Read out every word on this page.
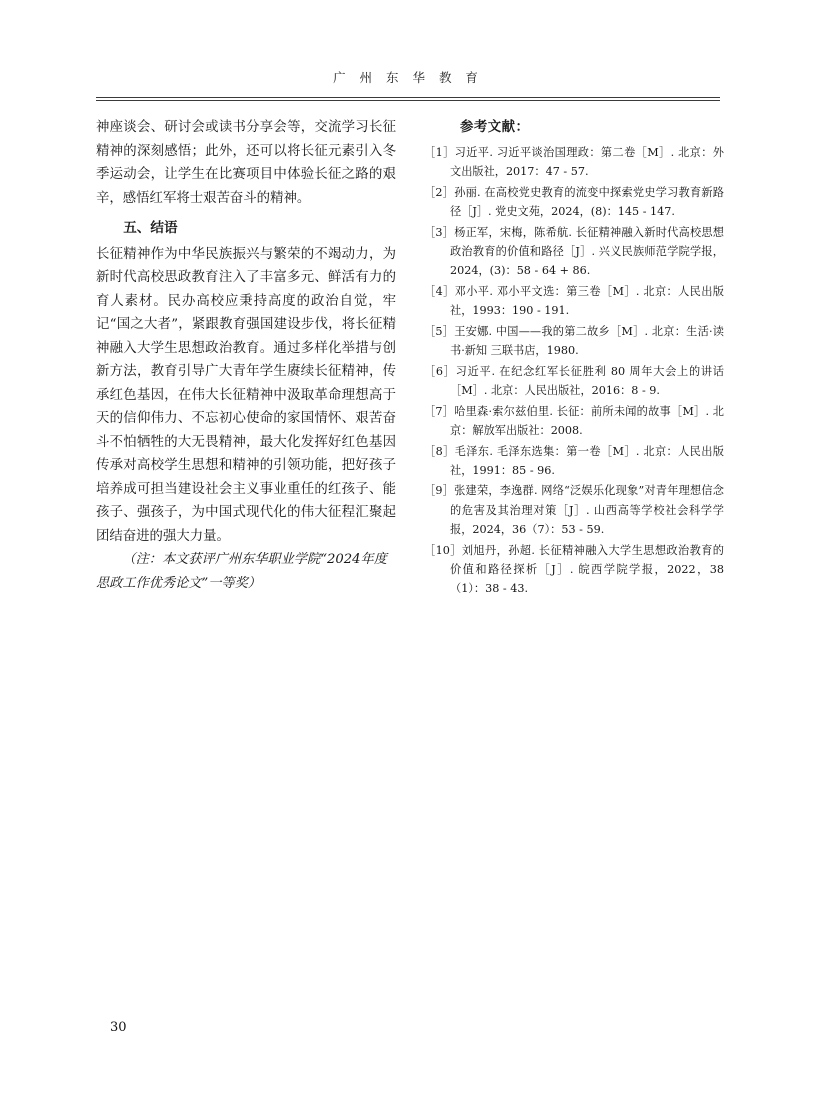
广 州 东 华 教 育

神座谈会、研讨会或读书分享会等，交流学习长征精神的深刻感悟；此外，还可以将长征元素引入冬季运动会，让学生在比赛项目中体验长征之路的艰辛，感悟红军将士艰苦奋斗的精神。

五、结语

长征精神作为中华民族振兴与繁荣的不竭动力，为新时代高校思政教育注入了丰富多元、鲜活有力的育人素材。民办高校应秉持高度的政治自觉，牢记“国之大者”，紧跟教育强国建设步伐，将长征精神融入大学生思想政治教育。通过多样化举措与创新方法，教育引导广大青年学生赓续长征精神，传承红色基因，在伟大长征精神中汲取革命理想高于天的信仰伟力、不忘初心使命的家国情怀、艰苦奋斗不怕牺牲的大无畏精神，最大化发挥好红色基因传承对高校学生思想和精神的引领功能，把好孩子培养成可担当建设社会主义事业重任的红孩子、能孩子、强孩子，为中国式现代化的伟大征程汇聚起团结奋进的强大力量。

（注：本文获评广州东华职业学院“2024年度思政工作优秀论文”一等奖）
参考文献：
［1］习近平. 习近平谈治国理政：第二卷［M］. 北京：外文出版社，2017：47 - 57.
［2］孙丽. 在高校党史教育的流变中探索党史学习教育新路径［J］. 党史文苑，2024，(8)：145 - 147.
［3］杨正军，宋梅，陈希航. 长征精神融入新时代高校思想政治教育的价值和路径［J］. 兴义民族师范学院学报，2024，(3)：58 - 64 + 86.
［4］邓小平. 邓小平文选：第三卷［M］. 北京：人民出版社，1993：190 - 191.
［5］王安娜. 中国——我的第二故乡［M］. 北京：生活·读书·新知 三联书店，1980.
［6］习近平. 在纪念红军长征胜利 80 周年大会上的讲话［M］. 北京：人民出版社，2016：8 - 9.
［7］哈里森·索尔兹伯里. 长征：前所未闻的故事［M］. 北京：解放军出版社：2008.
［8］毛泽东. 毛泽东选集：第一卷［M］. 北京：人民出版社，1991：85 - 96.
［9］张建荣，李逸群. 网络“泛娱乐化现象”对青年理想信念的危害及其治理对策［J］. 山西高等学校社会科学学报，2024，36（7）：53 - 59.
［10］刘旭丹，孙超. 长征精神融入大学生思想政治教育的价值和路径探析［J］. 皖西学院学报，2022，38（1）：38 - 43.
30
